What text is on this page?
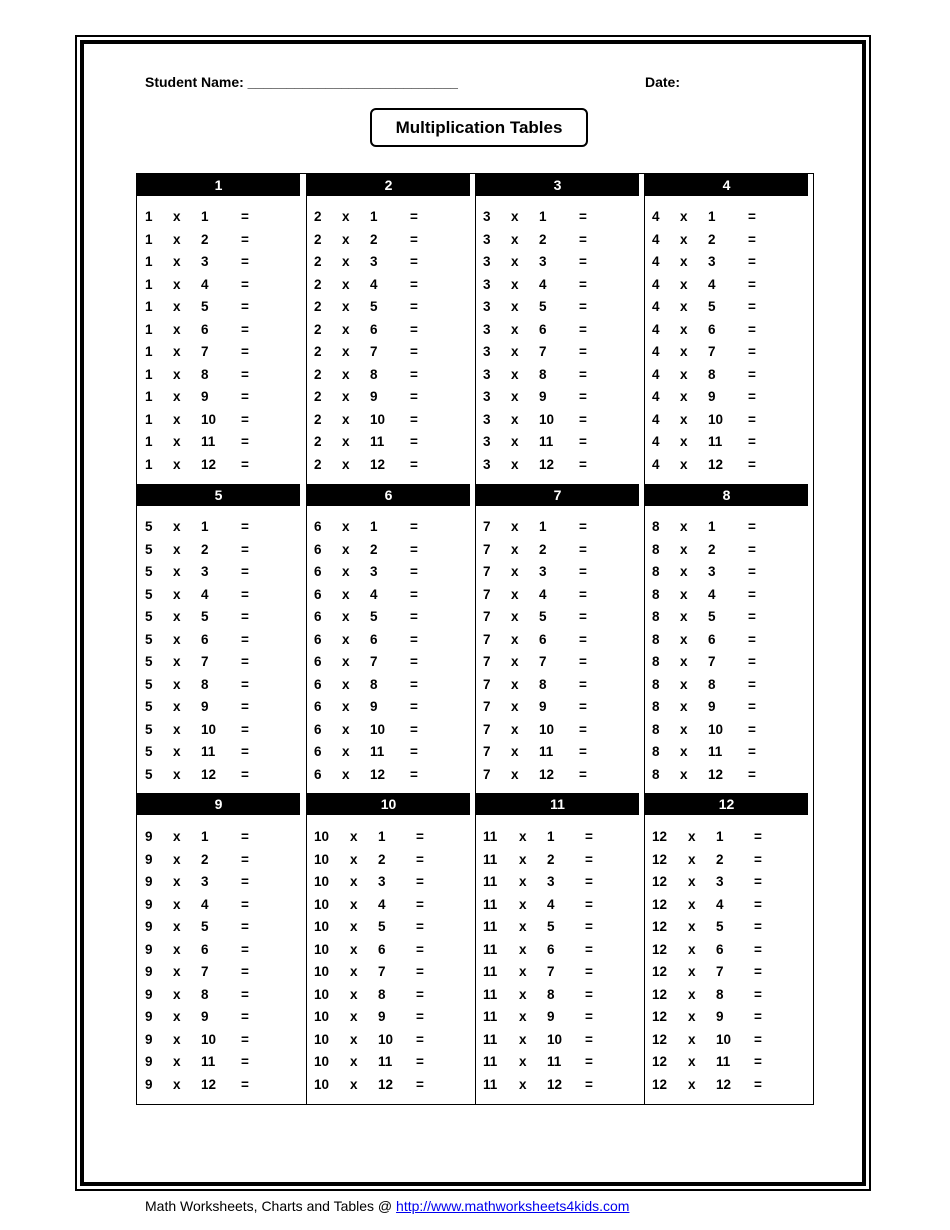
Student Name: ___________________________	Date:
Multiplication Tables
1
1 x 1 =
1 x 2 =
1 x 3 =
1 x 4 =
1 x 5 =
1 x 6 =
1 x 7 =
1 x 8 =
1 x 9 =
1 x 10 =
1 x 11 =
1 x 12 =
2
2 x 1 =
2 x 2 =
2 x 3 =
2 x 4 =
2 x 5 =
2 x 6 =
2 x 7 =
2 x 8 =
2 x 9 =
2 x 10 =
2 x 11 =
2 x 12 =
3
3 x 1 =
3 x 2 =
3 x 3 =
3 x 4 =
3 x 5 =
3 x 6 =
3 x 7 =
3 x 8 =
3 x 9 =
3 x 10 =
3 x 11 =
3 x 12 =
4
4 x 1 =
4 x 2 =
4 x 3 =
4 x 4 =
4 x 5 =
4 x 6 =
4 x 7 =
4 x 8 =
4 x 9 =
4 x 10 =
4 x 11 =
4 x 12 =
5
5 x 1 =
5 x 2 =
5 x 3 =
5 x 4 =
5 x 5 =
5 x 6 =
5 x 7 =
5 x 8 =
5 x 9 =
5 x 10 =
5 x 11 =
5 x 12 =
6
6 x 1 =
6 x 2 =
6 x 3 =
6 x 4 =
6 x 5 =
6 x 6 =
6 x 7 =
6 x 8 =
6 x 9 =
6 x 10 =
6 x 11 =
6 x 12 =
7
7 x 1 =
7 x 2 =
7 x 3 =
7 x 4 =
7 x 5 =
7 x 6 =
7 x 7 =
7 x 8 =
7 x 9 =
7 x 10 =
7 x 11 =
7 x 12 =
8
8 x 1 =
8 x 2 =
8 x 3 =
8 x 4 =
8 x 5 =
8 x 6 =
8 x 7 =
8 x 8 =
8 x 9 =
8 x 10 =
8 x 11 =
8 x 12 =
9
9 x 1 =
9 x 2 =
9 x 3 =
9 x 4 =
9 x 5 =
9 x 6 =
9 x 7 =
9 x 8 =
9 x 9 =
9 x 10 =
9 x 11 =
9 x 12 =
10
10 x 1 =
10 x 2 =
10 x 3 =
10 x 4 =
10 x 5 =
10 x 6 =
10 x 7 =
10 x 8 =
10 x 9 =
10 x 10 =
10 x 11 =
10 x 12 =
11
11 x 1 =
11 x 2 =
11 x 3 =
11 x 4 =
11 x 5 =
11 x 6 =
11 x 7 =
11 x 8 =
11 x 9 =
11 x 10 =
11 x 11 =
11 x 12 =
12
12 x 1 =
12 x 2 =
12 x 3 =
12 x 4 =
12 x 5 =
12 x 6 =
12 x 7 =
12 x 8 =
12 x 9 =
12 x 10 =
12 x 11 =
12 x 12 =
Math Worksheets, Charts and Tables @ http://www.mathworksheets4kids.com
